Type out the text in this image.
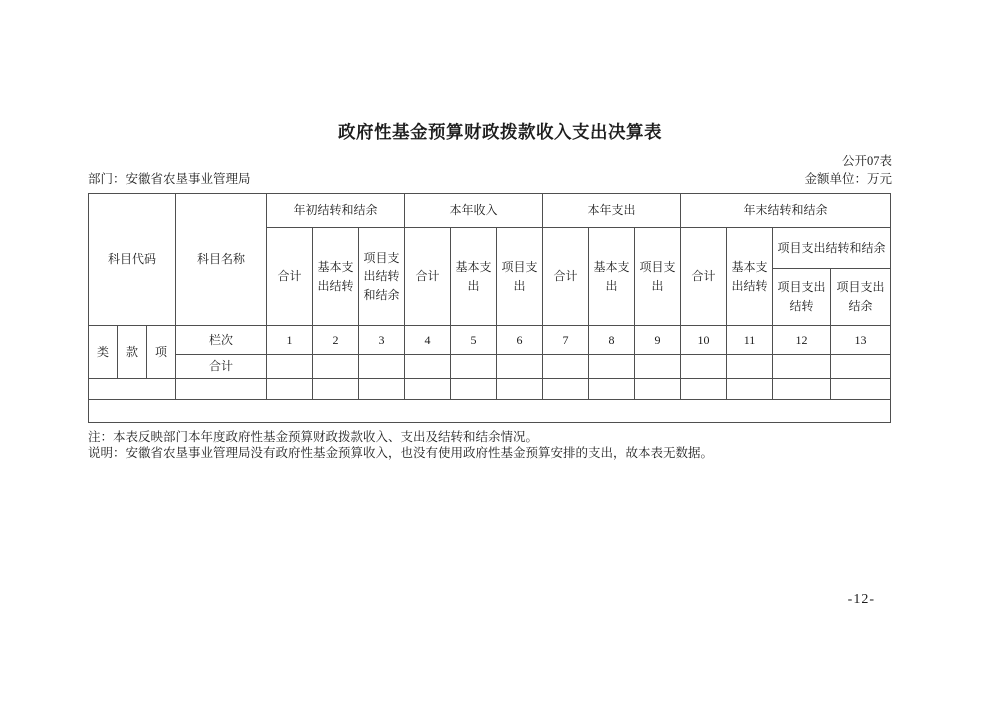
政府性基金预算财政拨款收入支出决算表
公开07表
部门：安徽省农垦事业管理局	金额单位：万元
科目代码			科目名称	年初结转和结余			本年收入			本年支出			年末结转和结余			
				合计	基本支出结转	项目支出结转和结余	合计	基本支出	项目支出	合计	基本支出	项目支出	合计	基本支出结转	项目支出结转和结余	
															项目支出结转	项目支出结余
类	款	项	栏次	1	2	3	4	5	6	7	8	9	10	11	12	13
			合计													

注：本表反映部门本年度政府性基金预算财政拨款收入、支出及结转和结余情况。
说明：安徽省农垦事业管理局没有政府性基金预算收入，也没有使用政府性基金预算安排的支出，故本表无数据。
-12-
